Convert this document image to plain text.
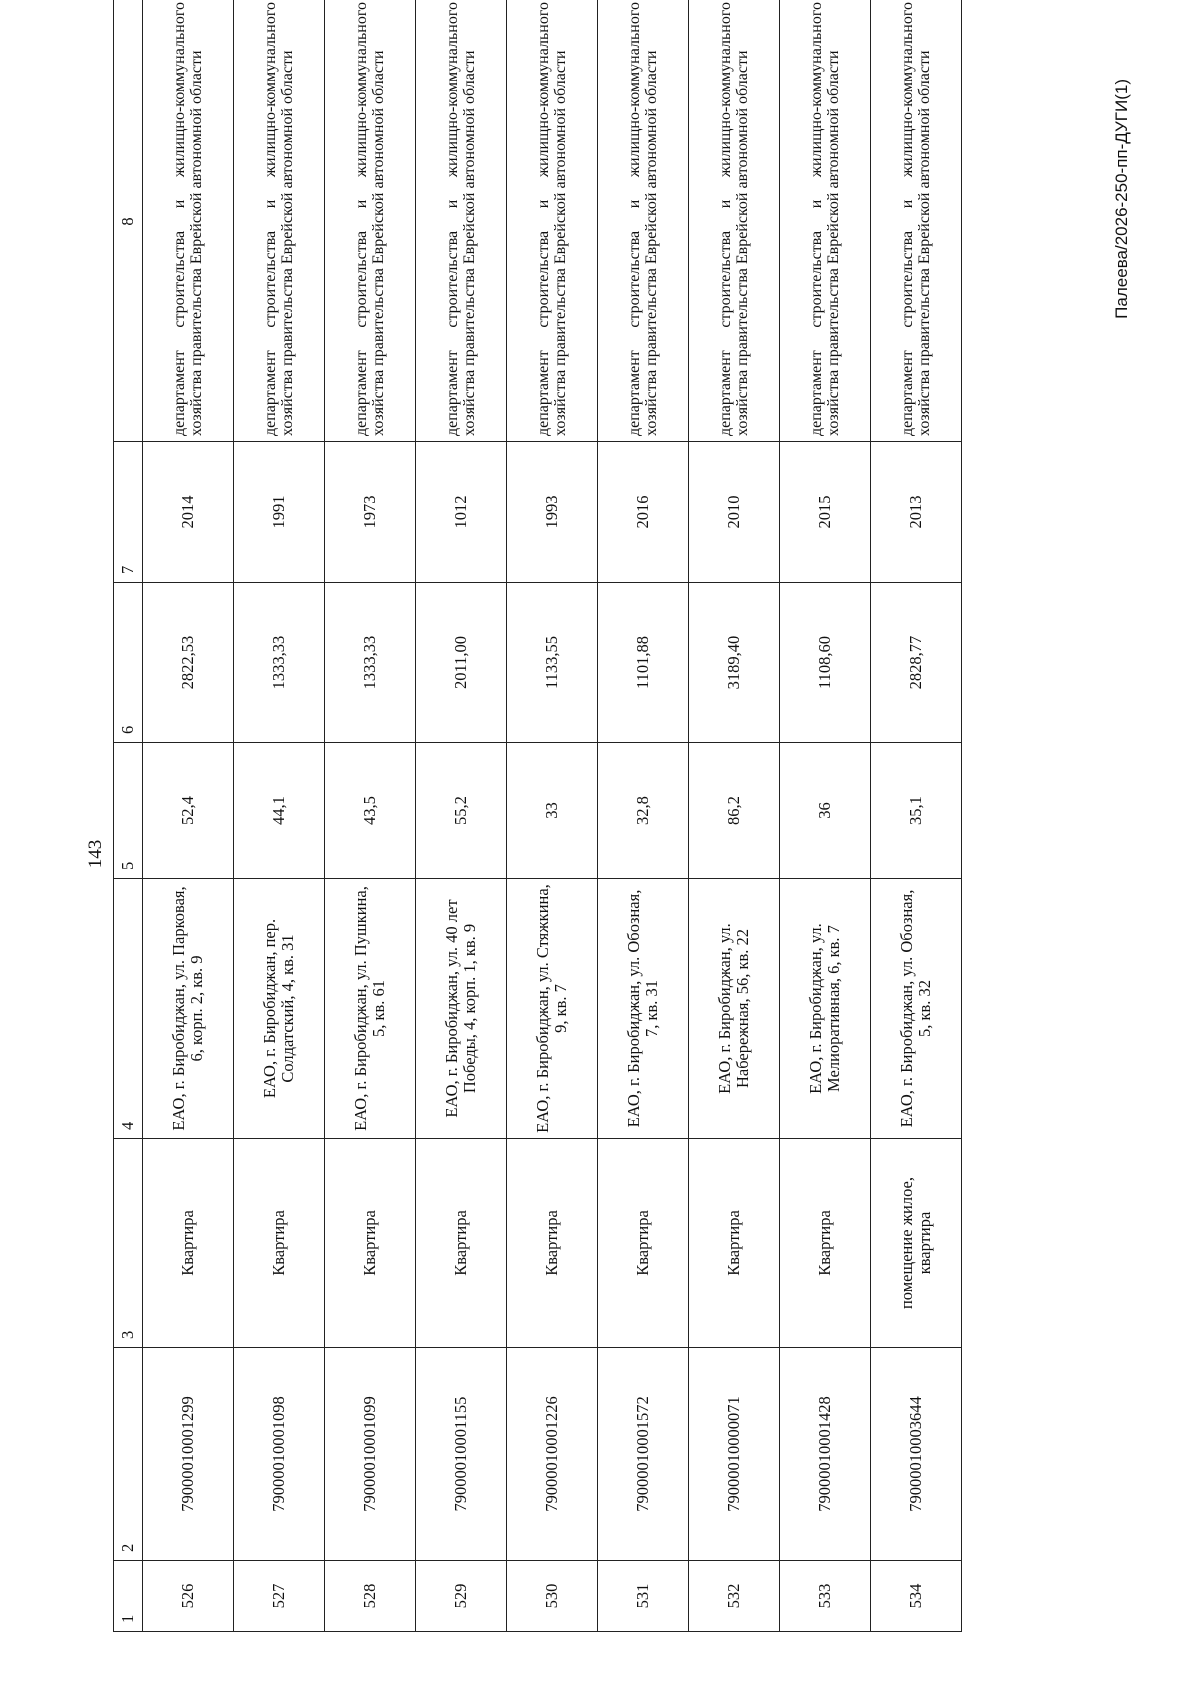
143
1	2	3	4	5	6	7	8
526	79000010001299	Квартира	ЕАО, г. Биробиджан, ул. Парковая, 6, корп. 2, кв. 9	52,4	2822,53	2014	департамент строительства и жилищно-коммунального хозяйства правительства Еврейской автономной области
527	79000010001098	Квартира	ЕАО, г. Биробиджан, пер. Солдатский, 4, кв. 31	44,1	1333,33	1991	департамент строительства и жилищно-коммунального хозяйства правительства Еврейской автономной области
528	79000010001099	Квартира	ЕАО, г. Биробиджан, ул. Пушкина, 5, кв. 61	43,5	1333,33	1973	департамент строительства и жилищно-коммунального хозяйства правительства Еврейской автономной области
529	79000010001155	Квартира	ЕАО, г. Биробиджан, ул. 40 лет Победы, 4, корп. 1, кв. 9	55,2	2011,00	1012	департамент строительства и жилищно-коммунального хозяйства правительства Еврейской автономной области
530	79000010001226	Квартира	ЕАО, г. Биробиджан, ул. Стяжкина, 9, кв. 7	33	1133,55	1993	департамент строительства и жилищно-коммунального хозяйства правительства Еврейской автономной области
531	79000010001572	Квартира	ЕАО, г. Биробиджан, ул. Обозная, 7, кв. 31	32,8	1101,88	2016	департамент строительства и жилищно-коммунального хозяйства правительства Еврейской автономной области
532	79000010000071	Квартира	ЕАО, г. Биробиджан, ул. Набережная, 56, кв. 22	86,2	3189,40	2010	департамент строительства и жилищно-коммунального хозяйства правительства Еврейской автономной области
533	79000010001428	Квартира	ЕАО, г. Биробиджан, ул. Мелиоративная, 6, кв. 7	36	1108,60	2015	департамент строительства и жилищно-коммунального хозяйства правительства Еврейской автономной области
534	79000010003644	помещение жилое, квартира	ЕАО, г. Биробиджан, ул. Обозная, 5, кв. 32	35,1	2828,77	2013	департамент строительства и жилищно-коммунального хозяйства правительства Еврейской автономной области	Палеева/2026-250-пп-ДУГИ(1)
